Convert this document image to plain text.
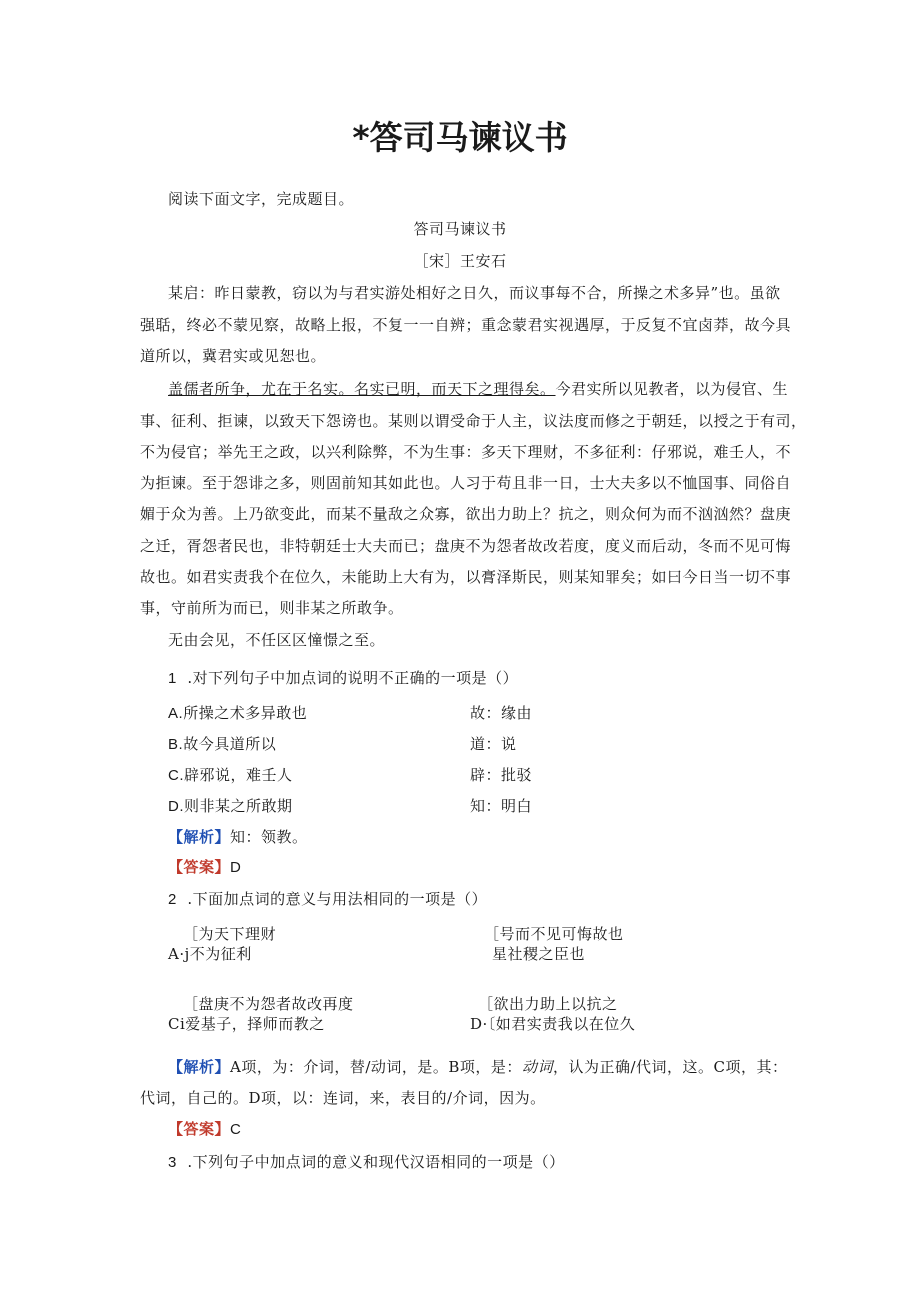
*答司马谏议书
阅读下面文字，完成题目。
答司马谏议书
［宋］王安石
某启：昨日蒙教，窃以为与君实游处相好之日久，而议事每不合，所操之术多异”也。虽欲
强聒，终必不蒙见察，故略上报，不复一一自辨；重念蒙君实视遇厚，于反复不宜卤莽，故今具
道所以，冀君实或见恕也。
盖儒者所争，尤在于名实。名实已明，而天下之理得矣。今君实所以见教者，以为侵官、生
事、征利、拒谏，以致天下怨谤也。某则以谓受命于人主，议法度而修之于朝廷，以授之于有司，
不为侵官；举先王之政，以兴利除弊，不为生事：多天下理财，不多征利：仔邪说，难壬人，不
为拒谏。至于怨诽之多，则固前知其如此也。人习于苟且非一日，士大夫多以不恤国事、同俗自
媚于众为善。上乃欲变此，而某不量敌之众寡，欲出力助上？抗之，则众何为而不汹汹然？盘庚
之迁，胥怨者民也，非特朝廷士大夫而已；盘庚不为怨者故改若度，度义而后动，冬而不见可悔
故也。如君实责我个在位久，未能助上大有为，以膏泽斯民，则某知罪矣；如曰今日当一切不事
事，守前所为而已，则非某之所敢争。
无由会见，不任区区憧憬之至。
1 .对下列句子中加点词的说明不正确的一项是（）
A.所操之术多异敢也	故：缘由
B.故今具道所以	道：说
C.辟邪说，难壬人	辟：批驳
D.则非某之所敢期	知：明白
【解析】知：领教。
【答案】D
2 .下面加点词的意义与用法相同的一项是（）
［为天下理财
A·j不为征利
［号而不见可悔故也
星社稷之臣也
［盘庚不为怨者故改再度
Ci爱基子，择师而教之
［欲出力助上以抗之
D·〔如君实责我以在位久
【解析】A项，为：介词，替/动词，是。B项，是：动词，认为正确/代词，这。C项，其：
代词，自己的。D项，以：连词，来，表目的/介词，因为。
【答案】C
3 .下列句子中加点词的意义和现代汉语相同的一项是（）
